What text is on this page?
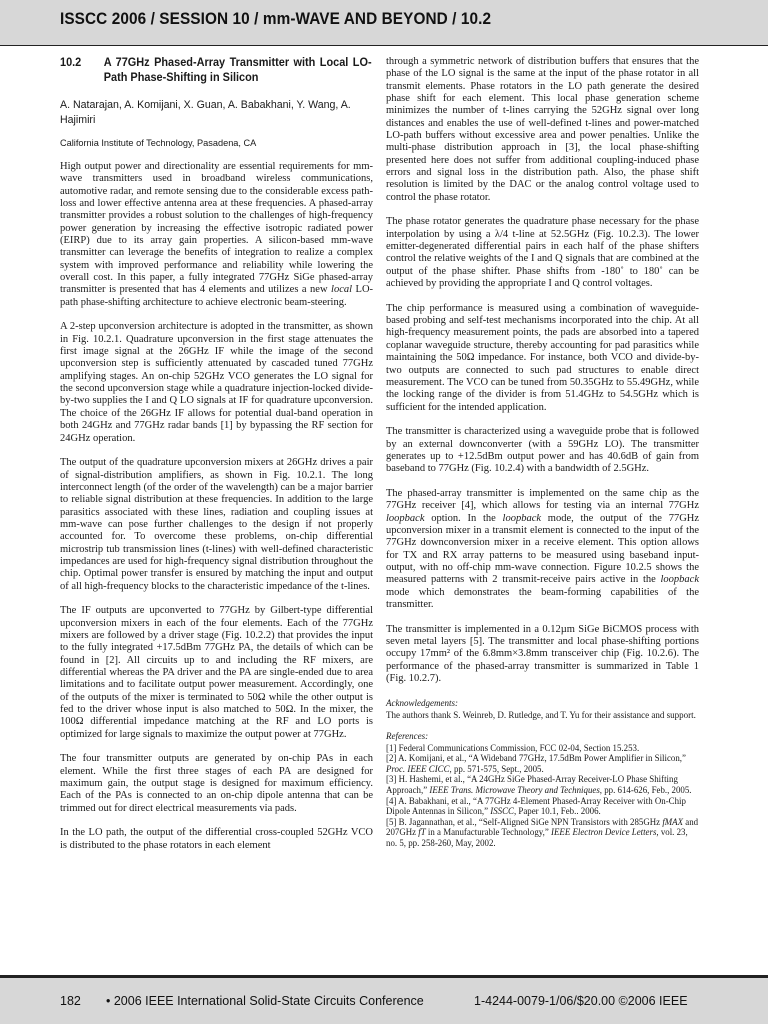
ISSCC 2006 / SESSION 10 / mm-WAVE AND BEYOND / 10.2
10.2	A 77GHz Phased-Array Transmitter with Local LO-Path Phase-Shifting in Silicon
A. Natarajan, A. Komijani, X. Guan, A. Babakhani, Y. Wang, A. Hajimiri
California Institute of Technology, Pasadena, CA

High output power and directionality are essential requirements for mm-wave transmitters used in broadband wireless communications, automotive radar, and remote sensing due to the considerable excess path-loss and lower effective antenna area at these frequencies. A phased-array transmitter provides a robust solution to the challenges of high-frequency power generation by increasing the effective isotropic radiated power (EIRP) due to its array gain properties. A silicon-based mm-wave transmitter can leverage the benefits of integration to realize a complex system with improved performance and reliability while lowering the overall cost. In this paper, a fully integrated 77GHz SiGe phased-array transmitter is presented that has 4 elements and utilizes a new local LO-path phase-shifting architecture to achieve electronic beam-steering.

A 2-step upconversion architecture is adopted in the transmitter, as shown in Fig. 10.2.1. Quadrature upconversion in the first stage attenuates the first image signal at the 26GHz IF while the image of the second upconversion step is sufficiently attenuated by cascaded tuned 77GHz amplifying stages. An on-chip 52GHz VCO generates the LO signal for the second upconversion stage while a quadrature injection-locked divide-by-two supplies the I and Q LO signals at IF for quadrature upconversion. The choice of the 26GHz IF allows for potential dual-band operation in both 24GHz and 77GHz radar bands [1] by bypassing the RF section for 24GHz operation.

The output of the quadrature upconversion mixers at 26GHz drives a pair of signal-distribution amplifiers, as shown in Fig. 10.2.1. The long interconnect length (of the order of the wavelength) can be a major barrier to reliable signal distribution at these frequencies. In addition to the large parasitics associated with these lines, radiation and coupling issues at mm-wave can pose further challenges to the design if not properly accounted for. To overcome these problems, on-chip differential microstrip tub transmission lines (t-lines) with well-defined characteristic impedances are used for high-frequency signal distribution throughout the chip. Optimal power transfer is ensured by matching the input and output of all high-frequency blocks to the characteristic impedance of the t-lines.

The IF outputs are upconverted to 77GHz by Gilbert-type differential upconversion mixers in each of the four elements. Each of the 77GHz mixers are followed by a driver stage (Fig. 10.2.2) that provides the input to the fully integrated +17.5dBm 77GHz PA, the details of which can be found in [2]. All circuits up to and including the RF mixers, are differential whereas the PA driver and the PA are single-ended due to area limitations and to facilitate output power measurement. Accordingly, one of the outputs of the mixer is terminated to 50Ω while the other output is fed to the driver whose input is also matched to 50Ω. In the mixer, the 100Ω differential impedance matching at the RF and LO ports is optimized for large signals to maximize the output power at 77GHz.

The four transmitter outputs are generated by on-chip PAs in each element. While the first three stages of each PA are designed for maximum gain, the output stage is designed for maximum efficiency. Each of the PAs is connected to an on-chip dipole antenna that can be trimmed out for direct electrical measurements via pads.

In the LO path, the output of the differential cross-coupled 52GHz VCO is distributed to the phase rotators in each element

through a symmetric network of distribution buffers that ensures that the phase of the LO signal is the same at the input of the phase rotator in all transmit elements. Phase rotators in the LO path generate the desired phase shift for each element. This local phase generation scheme minimizes the number of t-lines carrying the 52GHz signal over long distances and enables the use of well-defined t-lines and power-matched LO-path buffers without excessive area and power penalties. Unlike the multi-phase distribution approach in [3], the local phase-shifting presented here does not suffer from additional coupling-induced phase errors and signal loss in the distribution path. Also, the phase shift resolution is limited by the DAC or the analog control voltage used to control the phase rotator.

The phase rotator generates the quadrature phase necessary for the phase interpolation by using a λ/4 t-line at 52.5GHz (Fig. 10.2.3). The lower emitter-degenerated differential pairs in each half of the phase shifters control the relative weights of the I and Q signals that are combined at the output of the phase shifter. Phase shifts from -180˚ to 180˚ can be achieved by providing the appropriate I and Q control voltages.

The chip performance is measured using a combination of waveguide-based probing and self-test mechanisms incorporated into the chip. At all high-frequency measurement points, the pads are absorbed into a tapered coplanar waveguide structure, thereby accounting for pad parasitics while maintaining the 50Ω impedance. For instance, both VCO and divide-by-two outputs are connected to such pad structures to enable direct measurement. The VCO can be tuned from 50.35GHz to 55.49GHz, while the locking range of the divider is from 51.4GHz to 54.5GHz which is sufficient for the intended application.

The transmitter is characterized using a waveguide probe that is followed by an external downconverter (with a 59GHz LO). The transmitter generates up to +12.5dBm output power and has 40.6dB of gain from baseband to 77GHz (Fig. 10.2.4) with a bandwidth of 2.5GHz.

The phased-array transmitter is implemented on the same chip as the 77GHz receiver [4], which allows for testing via an internal 77GHz loopback option. In the loopback mode, the output of the 77GHz upconversion mixer in a transmit element is connected to the input of the 77GHz downconversion mixer in a receive element. This option allows for TX and RX array patterns to be measured using baseband input-output, with no off-chip mm-wave connection. Figure 10.2.5 shows the measured patterns with 2 transmit-receive pairs active in the loopback mode which demonstrates the beam-forming capabilities of the transmitter.

The transmitter is implemented in a 0.12µm SiGe BiCMOS process with seven metal layers [5]. The transmitter and local phase-shifting portions occupy 17mm² of the 6.8mm×3.8mm transceiver chip (Fig. 10.2.6). The performance of the phased-array transmitter is summarized in Table 1 (Fig. 10.2.7).

Acknowledgements:
The authors thank S. Weinreb, D. Rutledge, and T. Yu for their assistance and support.
References:
[1] Federal Communications Commission, FCC 02-04, Section 15.253.
[2] A. Komijani, et al., “A Wideband 77GHz, 17.5dBm Power Amplifier in Silicon,” Proc. IEEE CICC, pp. 571-575, Sept., 2005.
[3] H. Hashemi, et al., “A 24GHz SiGe Phased-Array Receiver-LO Phase Shifting Approach,” IEEE Trans. Microwave Theory and Techniques, pp. 614-626, Feb., 2005.
[4] A. Babakhani, et al., “A 77GHz 4-Element Phased-Array Receiver with On-Chip Dipole Antennas in Silicon,” ISSCC, Paper 10.1, Feb.. 2006.
[5] B. Jagannathan, et al., “Self-Aligned SiGe NPN Transistors with 285GHz fMAX and 207GHz fT in a Manufacturable Technology,” IEEE Electron Device Letters, vol. 23, no. 5, pp. 258-260, May, 2002.
182 • 2006 IEEE International Solid-State Circuits Conference	1-4244-0079-1/06/$20.00 ©2006 IEEE
